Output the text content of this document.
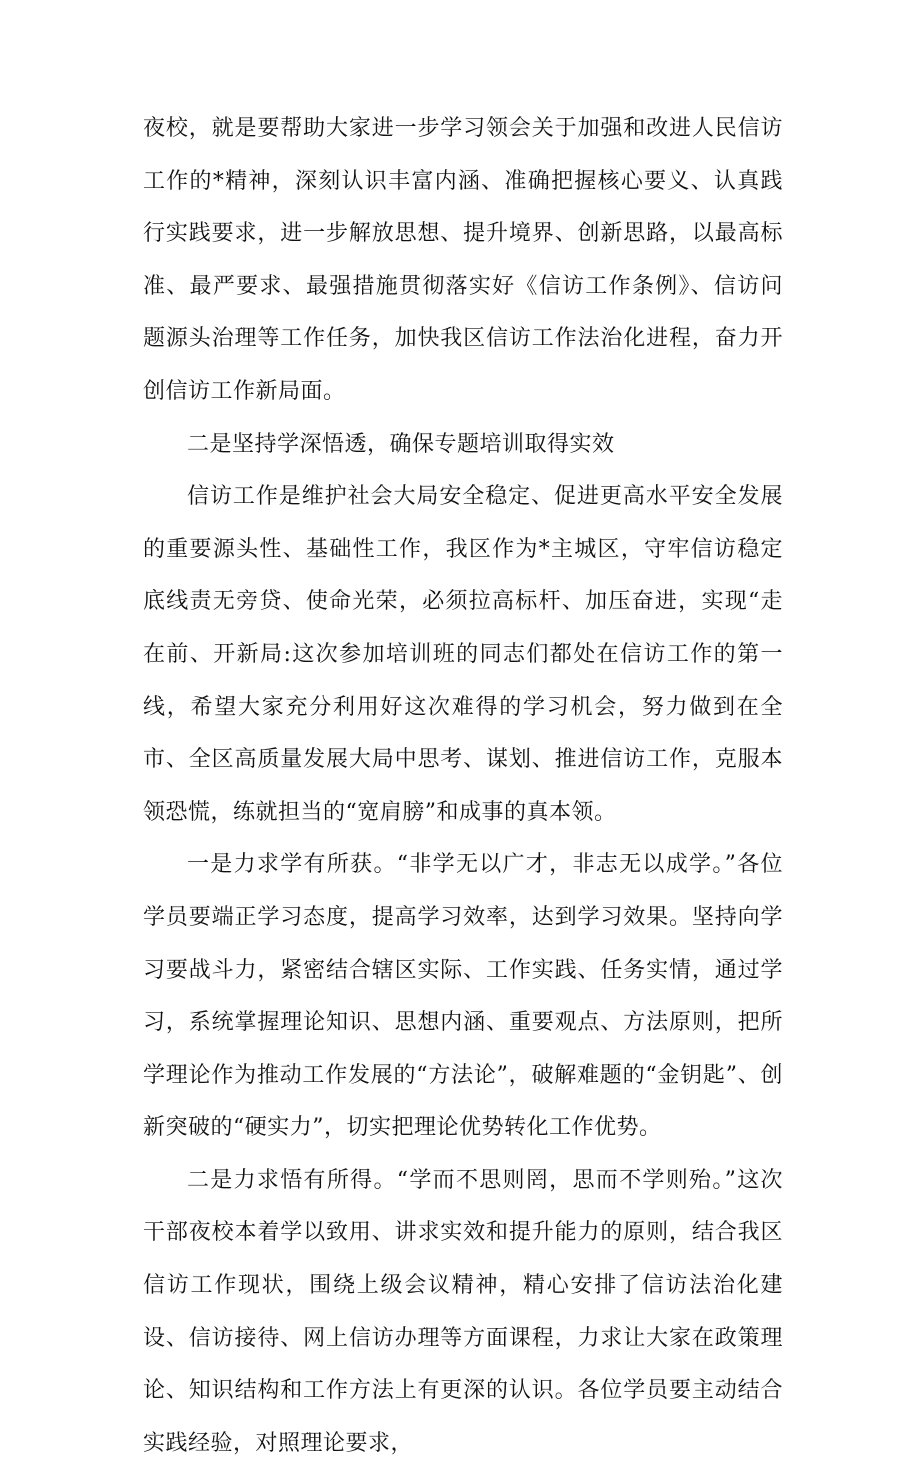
夜校，就是要帮助大家进一步学习领会关于加强和改进人民信访工作的*精神，深刻认识丰富内涵、准确把握核心要义、认真践行实践要求，进一步解放思想、提升境界、创新思路，以最高标准、最严要求、最强措施贯彻落实好《信访工作条例》、信访问题源头治理等工作任务，加快我区信访工作法治化进程，奋力开创信访工作新局面。

二是坚持学深悟透，确保专题培训取得实效

信访工作是维护社会大局安全稳定、促进更高水平安全发展的重要源头性、基础性工作，我区作为*主城区，守牢信访稳定底线责无旁贷、使命光荣，必须拉高标杆、加压奋进，实现“走在前、开新局:这次参加培训班的同志们都处在信访工作的第一线，希望大家充分利用好这次难得的学习机会，努力做到在全市、全区高质量发展大局中思考、谋划、推进信访工作，克服本领恐慌，练就担当的“宽肩膀”和成事的真本领。

一是力求学有所获。“非学无以广才，非志无以成学。”各位学员要端正学习态度，提高学习效率，达到学习效果。坚持向学习要战斗力，紧密结合辖区实际、工作实践、任务实情，通过学习，系统掌握理论知识、思想内涵、重要观点、方法原则，把所学理论作为推动工作发展的“方法论”，破解难题的“金钥匙”、创新突破的“硬实力”，切实把理论优势转化工作优势。

二是力求悟有所得。“学而不思则罔，思而不学则殆。”这次干部夜校本着学以致用、讲求实效和提升能力的原则，结合我区信访工作现状，围绕上级会议精神，精心安排了信访法治化建设、信访接待、网上信访办理等方面课程，力求让大家在政策理论、知识结构和工作方法上有更深的认识。各位学员要主动结合实践经验，对照理论要求，
